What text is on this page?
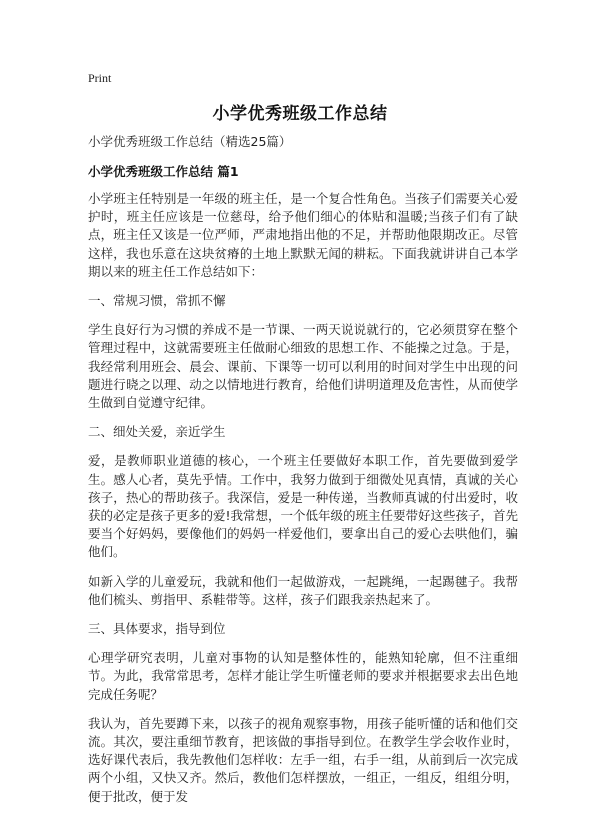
Print
小学优秀班级工作总结

小学优秀班级工作总结（精选25篇）

小学优秀班级工作总结 篇1

小学班主任特别是一年级的班主任，是一个复合性角色。当孩子们需要关心爱护时，班主任应该是一位慈母，给予他们细心的体贴和温暖;当孩子们有了缺点，班主任又该是一位严师，严肃地指出他的不足，并帮助他限期改正。尽管这样，我也乐意在这块贫瘠的土地上默默无闻的耕耘。下面我就讲讲自己本学期以来的班主任工作总结如下：

一、常规习惯，常抓不懈

学生良好行为习惯的养成不是一节课、一两天说说就行的，它必须贯穿在整个管理过程中，这就需要班主任做耐心细致的思想工作、不能操之过急。于是，我经常利用班会、晨会、课前、下课等一切可以利用的时间对学生中出现的问题进行晓之以理、动之以情地进行教育，给他们讲明道理及危害性，从而使学生做到自觉遵守纪律。

二、细处关爱，亲近学生

爱，是教师职业道德的核心，一个班主任要做好本职工作，首先要做到爱学生。感人心者，莫先乎情。工作中，我努力做到于细微处见真情，真诚的关心孩子，热心的帮助孩子。我深信，爱是一种传递，当教师真诚的付出爱时，收获的必定是孩子更多的爱!我常想，一个低年级的班主任要带好这些孩子，首先要当个好妈妈，要像他们的妈妈一样爱他们，要拿出自己的爱心去哄他们，骗他们。

如新入学的儿童爱玩，我就和他们一起做游戏，一起跳绳，一起踢毽子。我帮他们梳头、剪指甲、系鞋带等。这样，孩子们跟我亲热起来了。

三、具体要求，指导到位

心理学研究表明，儿童对事物的认知是整体性的，能熟知轮廓，但不注重细节。为此，我常常思考，怎样才能让学生听懂老师的要求并根据要求去出色地完成任务呢？

我认为，首先要蹲下来，以孩子的视角观察事物，用孩子能听懂的话和他们交流。其次，要注重细节教育，把该做的事指导到位。在教学生学会收作业时，选好课代表后，我先教他们怎样收：左手一组，右手一组，从前到后一次完成两个小组，又快又齐。然后，教他们怎样摆放，一组正，一组反，组组分明，便于批改，便于发
